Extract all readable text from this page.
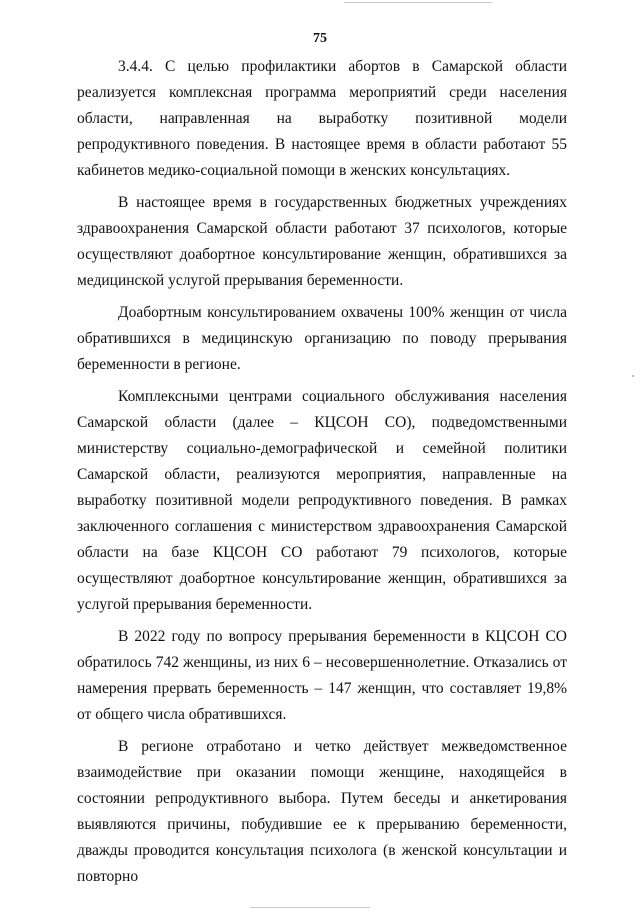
75

3.4.4. С целью профилактики абортов в Самарской области реализуется комплексная программа мероприятий среди населения области, направленная на выработку позитивной модели репродуктивного поведения. В настоящее время в области работают 55 кабинетов медико-социальной помощи в женских консультациях.

В настоящее время в государственных бюджетных учреждениях здравоохранения Самарской области работают 37 психологов, которые осуществляют доабортное консультирование женщин, обратившихся за медицинской услугой прерывания беременности.

Доабортным консультированием охвачены 100% женщин от числа обратившихся в медицинскую организацию по поводу прерывания беременности в регионе.

Комплексными центрами социального обслуживания населения Самарской области (далее – КЦСОН СО), подведомственными министерству социально-демографической и семейной политики Самарской области, реализуются мероприятия, направленные на выработку позитивной модели репродуктивного поведения. В рамках заключенного соглашения с министерством здравоохранения Самарской области на базе КЦСОН СО работают 79 психологов, которые осуществляют доабортное консультирование женщин, обратившихся за услугой прерывания беременности.

В 2022 году по вопросу прерывания беременности в КЦСОН СО обратилось 742 женщины, из них 6 – несовершеннолетние. Отказались от намерения прервать беременность – 147 женщин, что составляет 19,8% от общего числа обратившихся.

В регионе отработано и четко действует межведомственное взаимодействие при оказании помощи женщине, находящейся в состоянии репродуктивного выбора. Путем беседы и анкетирования выявляются причины, побудившие ее к прерыванию беременности, дважды проводится консультация психолога (в женской консультации и повторно
